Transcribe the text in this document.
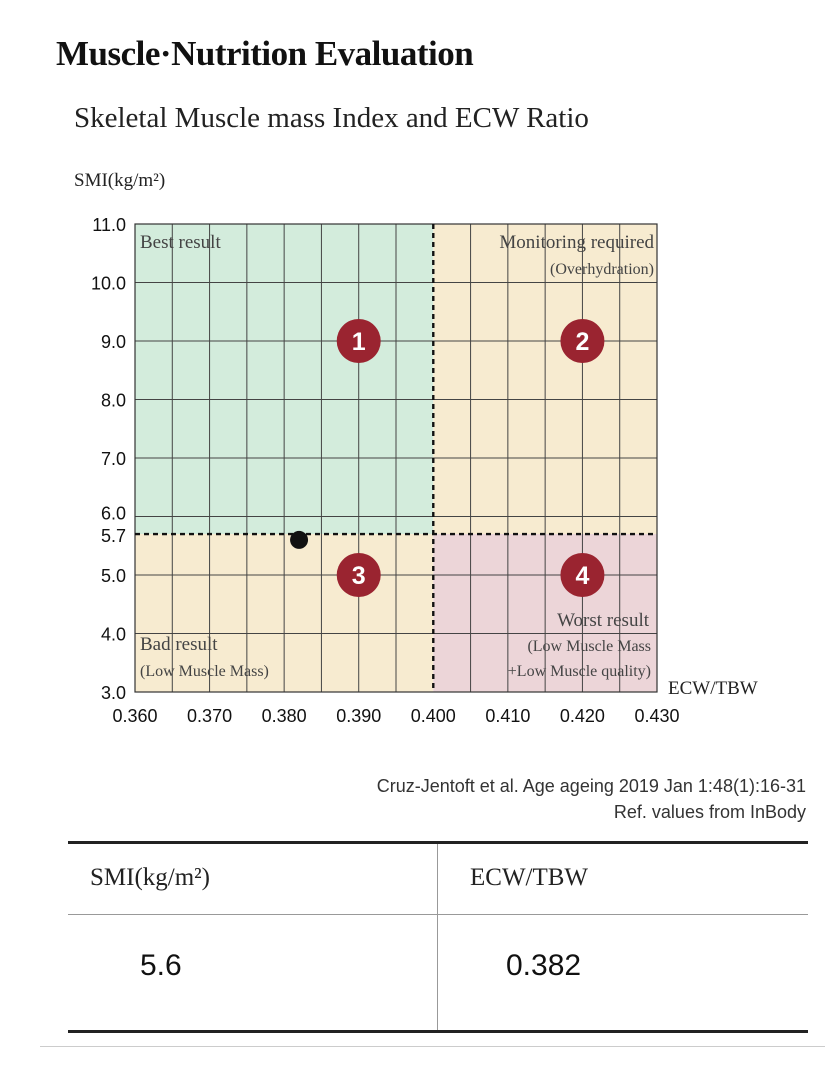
Muscle·Nutrition Evaluation
Skeletal Muscle mass Index and ECW Ratio
SMI(kg/m²)
Best result	Monitoring required
(Overhydration)
Bad result
(Low Muscle Mass)
Worst result
(Low Muscle Mass
+Low Muscle quality)
1	2
3	4
3.0
4.0
5.0
5.7
6.0
7.0
8.0
9.0
10.0
11.0
0.360 0.370 0.380 0.390 0.400 0.410 0.420 0.430
ECW/TBW
Cruz-Jentoft et al. Age ageing 2019 Jan 1:48(1):16-31
Ref. values from InBody
SMI(kg/m²)	ECW/TBW
5.6	0.382
